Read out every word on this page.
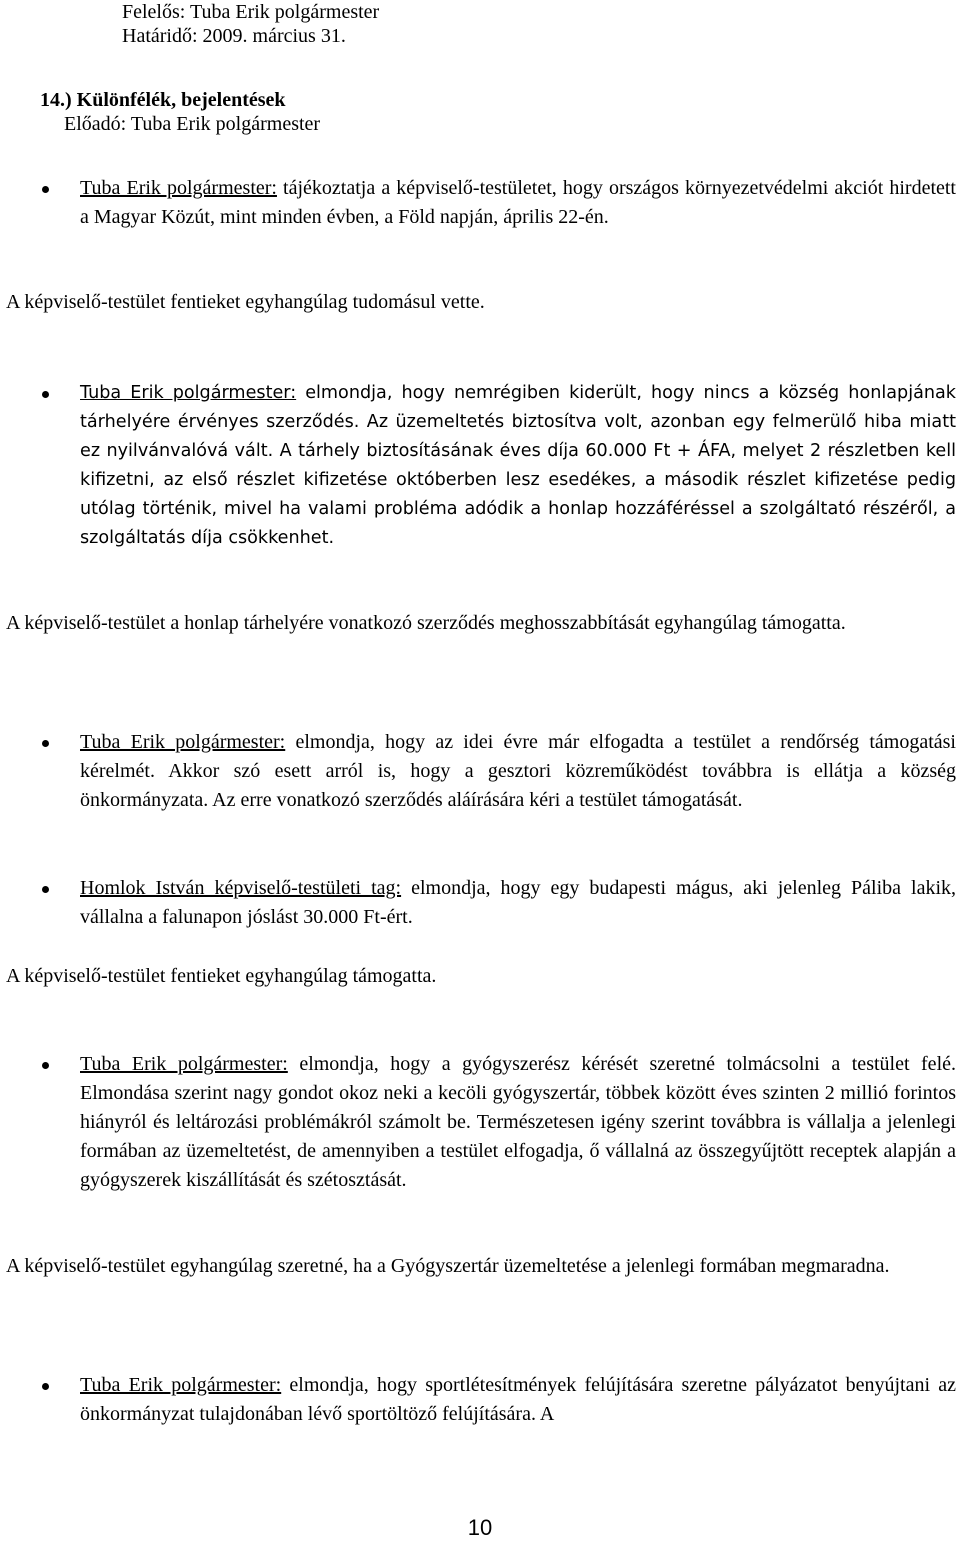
Felelős: Tuba Erik polgármester
Határidő: 2009. március 31.
14.) Különfélék, bejelentések
Előadó: Tuba Erik polgármester
Tuba Erik polgármester: tájékoztatja a képviselő-testületet, hogy országos környezetvédelmi akciót hirdetett a Magyar Közút, mint minden évben, a Föld napján, április 22-én.
A képviselő-testület fentieket egyhangúlag tudomásul vette.
Tuba Erik polgármester: elmondja, hogy nemrégiben kiderült, hogy nincs a község honlapjának tárhelyére érvényes szerződés. Az üzemeltetés biztosítva volt, azonban egy felmerülő hiba miatt ez nyilvánvalóvá vált. A tárhely biztosításának éves díja 60.000 Ft + ÁFA, melyet 2 részletben kell kifizetni, az első részlet kifizetése októberben lesz esedékes, a második részlet kifizetése pedig utólag történik, mivel ha valami probléma adódik a honlap hozzáféréssel a szolgáltató részéről, a szolgáltatás díja csökkenhet.
A képviselő-testület a honlap tárhelyére vonatkozó szerződés meghosszabbítását egyhangúlag támogatta.
Tuba Erik polgármester: elmondja, hogy az idei évre már elfogadta a testület a rendőrség támogatási kérelmét. Akkor szó esett arról is, hogy a gesztori közreműködést továbbra is ellátja a község önkormányzata. Az erre vonatkozó szerződés aláírására kéri a testület támogatását.
Homlok István képviselő-testületi tag: elmondja, hogy egy budapesti mágus, aki jelenleg Páliba lakik, vállalna a falunapon jóslást 30.000 Ft-ért.
A képviselő-testület fentieket egyhangúlag támogatta.
Tuba Erik polgármester: elmondja, hogy a gyógyszerész kérését szeretné tolmácsolni a testület felé. Elmondása szerint nagy gondot okoz neki a kecöli gyógyszertár, többek között éves szinten 2 millió forintos hiányról és leltározási problémákról számolt be. Természetesen igény szerint továbbra is vállalja a jelenlegi formában az üzemeltetést, de amennyiben a testület elfogadja, ő vállalná az összegyűjtött receptek alapján a gyógyszerek kiszállítását és szétosztását.
A képviselő-testület egyhangúlag szeretné, ha a Gyógyszertár üzemeltetése a jelenlegi formában megmaradna.
Tuba Erik polgármester: elmondja, hogy sportlétesítmények felújítására szeretne pályázatot benyújtani az önkormányzat tulajdonában lévő sportöltöző felújítására. A
10
